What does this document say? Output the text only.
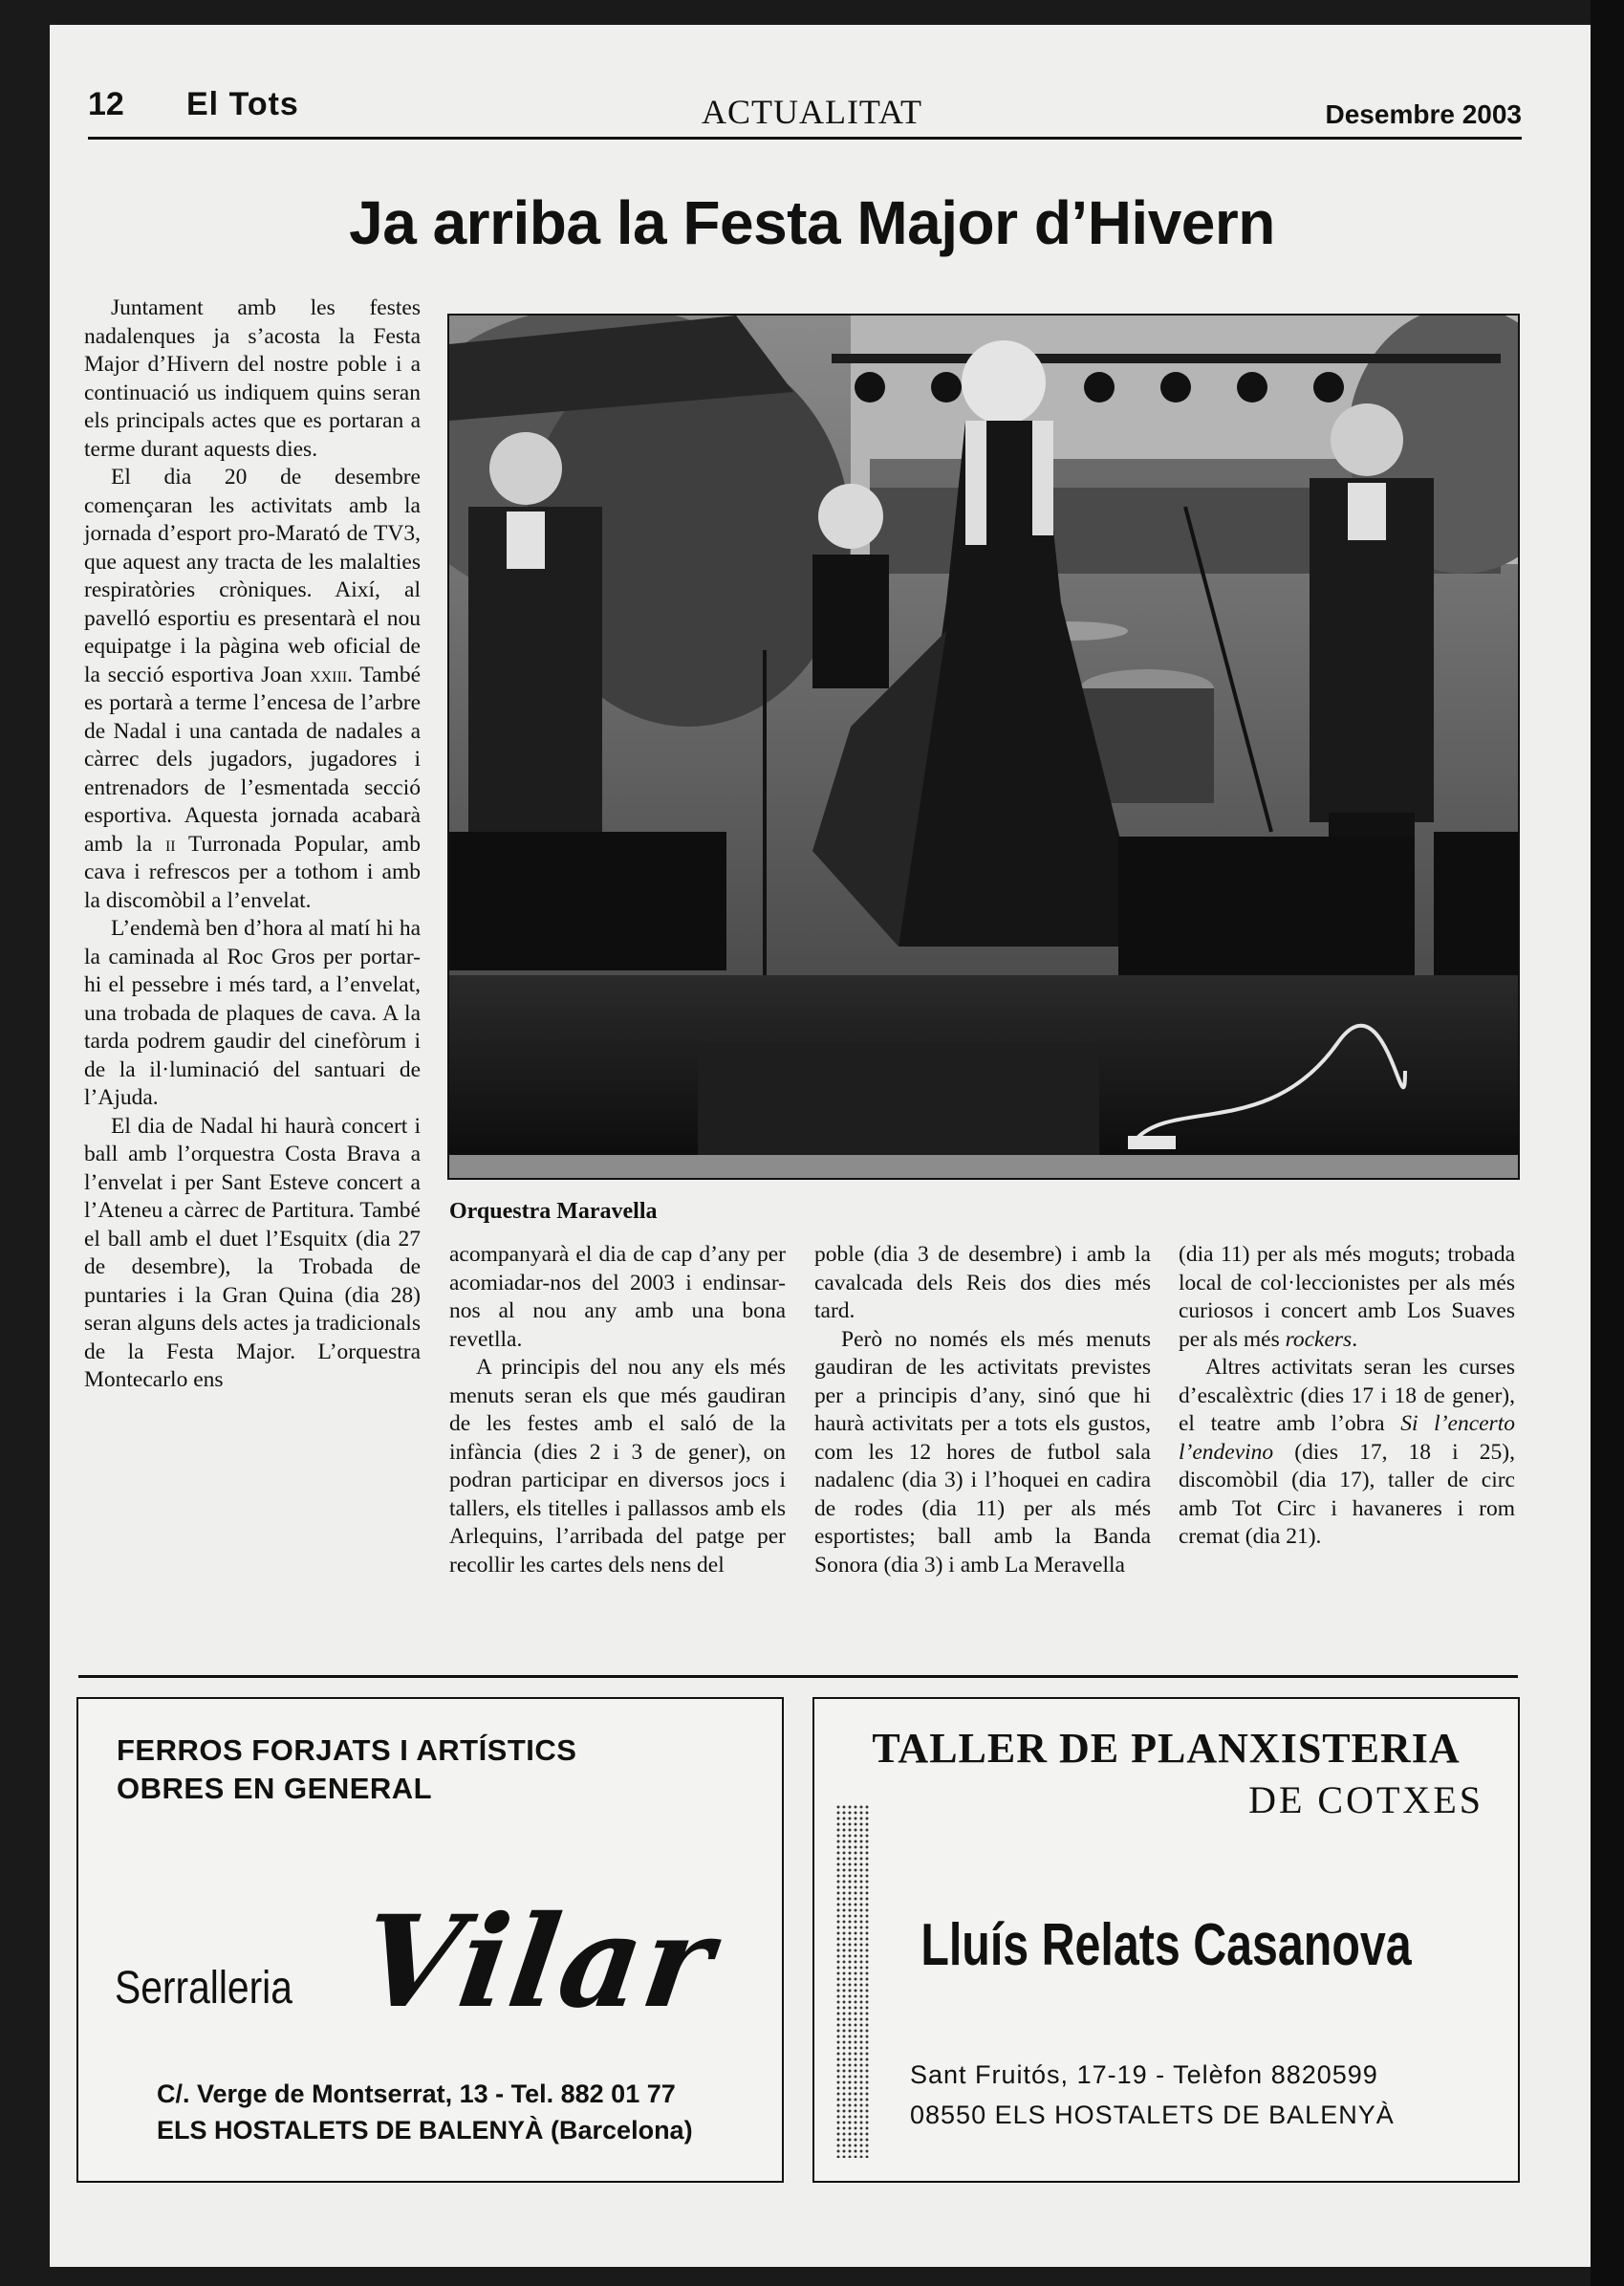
12 El Tots	ACTUALITAT	Desembre 2003
Ja arriba la Festa Major d’Hivern
Orquestra Maravella

Juntament amb les festes nadalenques ja s’acosta la Festa Major d’Hivern del nostre poble i a continuació us indiquem quins seran els principals actes que es portaran a terme durant aquests dies.

El dia 20 de desembre començaran les activitats amb la jornada d’esport pro-Marató de TV3, que aquest any tracta de les malalties respiratòries cròniques. Així, al pavelló esportiu es presentarà el nou equipatge i la pàgina web oficial de la secció esportiva Joan xxiii. També es portarà a terme l’encesa de l’arbre de Nadal i una cantada de nadales a càrrec dels jugadors, jugadores i entrenadors de l’esmentada secció esportiva. Aquesta jornada acabarà amb la ii Turronada Popular, amb cava i refrescos per a tothom i amb la discomòbil a l’envelat.

L’endemà ben d’hora al matí hi ha la caminada al Roc Gros per portar-hi el pessebre i més tard, a l’envelat, una trobada de plaques de cava. A la tarda podrem gaudir del cinefòrum i de la il·luminació del santuari de l’Ajuda.

El dia de Nadal hi haurà concert i ball amb l’orquestra Costa Brava a l’envelat i per Sant Esteve concert a l’Ateneu a càrrec de Partitura. També el ball amb el duet l’Esquitx (dia 27 de desembre), la Trobada de puntaries i la Gran Quina (dia 28) seran alguns dels actes ja tradicionals de la Festa Major. L’orquestra Montecarlo ens

acompanyarà el dia de cap d’any per acomiadar-nos del 2003 i endinsar-nos al nou any amb una bona revetlla.

A principis del nou any els més menuts seran els que més gaudiran de les festes amb el saló de la infància (dies 2 i 3 de gener), on podran participar en diversos jocs i tallers, els titelles i pallassos amb els Arlequins, l’arribada del patge per recollir les cartes dels nens del

poble (dia 3 de desembre) i amb la cavalcada dels Reis dos dies més tard.

Però no només els més menuts gaudiran de les activitats previstes per a principis d’any, sinó que hi haurà activitats per a tots els gustos, com les 12 hores de futbol sala nadalenc (dia 3) i l’hoquei en cadira de rodes (dia 11) per als més esportistes; ball amb la Banda Sonora (dia 3) i amb La Meravella

(dia 11) per als més moguts; trobada local de col·leccionistes per als més curiosos i concert amb Los Suaves per als més rockers.

Altres activitats seran les curses d’escalèxtric (dies 17 i 18 de gener), el teatre amb l’obra Si l’encerto l’endevino (dies 17, 18 i 25), discomòbil (dia 17), taller de circ amb Tot Circ i havaneres i rom cremat (dia 21).

FERROS FORJATS I ARTÍSTICS
OBRES EN GENERAL
Serralleria Vilar
C/. Verge de Montserrat, 13 - Tel. 882 01 77
ELS HOSTALETS DE BALENYÀ (Barcelona)
TALLER DE PLANXISTERIA
DE COTXES
Lluís Relats Casanova
Sant Fruitós, 17-19 - Telèfon 8820599
08550 ELS HOSTALETS DE BALENYÀ
